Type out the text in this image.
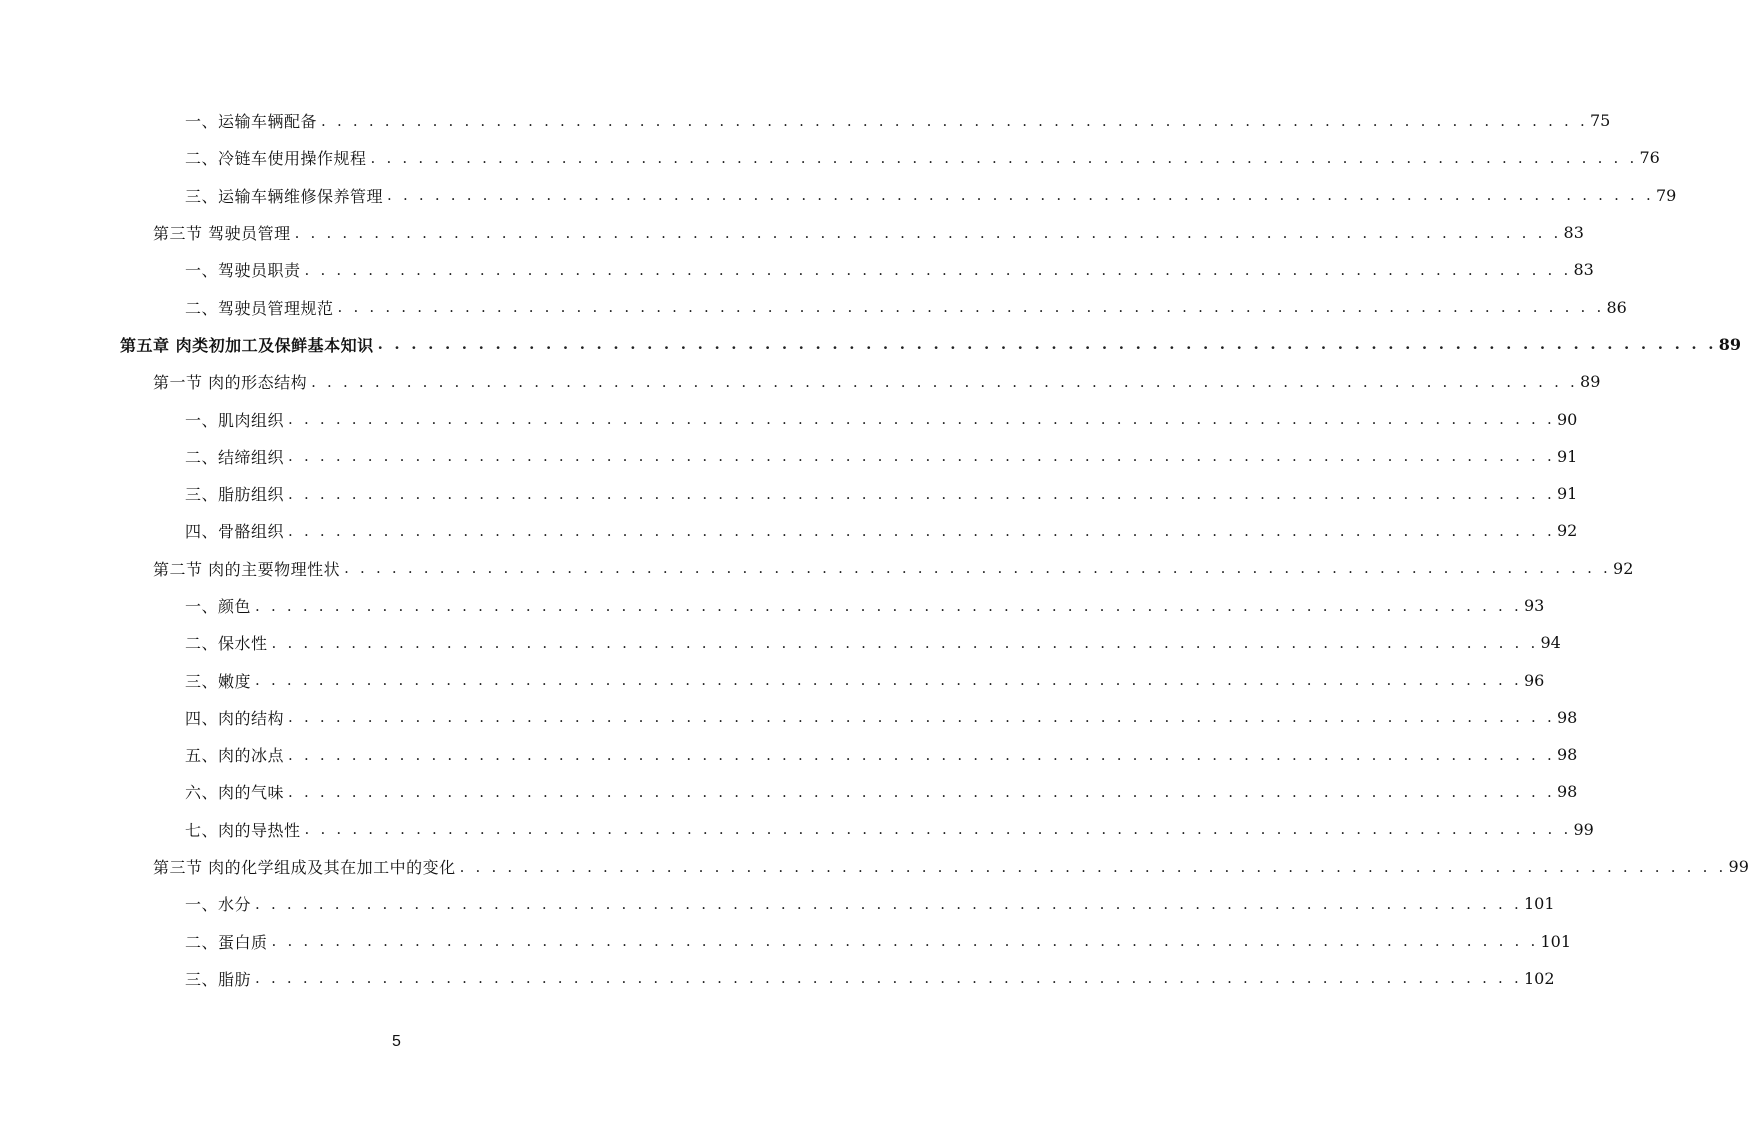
一、运输车辆配备 . . . . . . . . . . . . . . . . . . . . . . . . . . . . . . . . . . . . . . . . . . . . . . . . . . . . . . . . . . . . . . . . . . . . . . . . . . . . . . . . 75
二、冷链车使用操作规程 . . . . . . . . . . . . . . . . . . . . . . . . . . . . . . . . . . . . . . . . . . . . . . . . . . . . . . . . . . . . . . . . . . . . . . . . . . . . . . . . 76
三、运输车辆维修保养管理 . . . . . . . . . . . . . . . . . . . . . . . . . . . . . . . . . . . . . . . . . . . . . . . . . . . . . . . . . . . . . . . . . . . . . . . . . . . . . . . . 79
第三节 驾驶员管理 . . . . . . . . . . . . . . . . . . . . . . . . . . . . . . . . . . . . . . . . . . . . . . . . . . . . . . . . . . . . . . . . . . . . . . . . . . . . . . . . 83
一、驾驶员职责 . . . . . . . . . . . . . . . . . . . . . . . . . . . . . . . . . . . . . . . . . . . . . . . . . . . . . . . . . . . . . . . . . . . . . . . . . . . . . . . . 83
二、驾驶员管理规范 . . . . . . . . . . . . . . . . . . . . . . . . . . . . . . . . . . . . . . . . . . . . . . . . . . . . . . . . . . . . . . . . . . . . . . . . . . . . . . . . 86
第五章 肉类初加工及保鲜基本知识 . . . . . . . . . . . . . . . . . . . . . . . . . . . . . . . . . . . . . . . . . . . . . . . . . . . . . . . . . . . . . . . . . . . . . . . . . . . . . . . . 89
第一节 肉的形态结构 . . . . . . . . . . . . . . . . . . . . . . . . . . . . . . . . . . . . . . . . . . . . . . . . . . . . . . . . . . . . . . . . . . . . . . . . . . . . . . . . 89
一、肌肉组织 . . . . . . . . . . . . . . . . . . . . . . . . . . . . . . . . . . . . . . . . . . . . . . . . . . . . . . . . . . . . . . . . . . . . . . . . . . . . . . . . 90
二、结缔组织 . . . . . . . . . . . . . . . . . . . . . . . . . . . . . . . . . . . . . . . . . . . . . . . . . . . . . . . . . . . . . . . . . . . . . . . . . . . . . . . . 91
三、脂肪组织 . . . . . . . . . . . . . . . . . . . . . . . . . . . . . . . . . . . . . . . . . . . . . . . . . . . . . . . . . . . . . . . . . . . . . . . . . . . . . . . . 91
四、骨骼组织 . . . . . . . . . . . . . . . . . . . . . . . . . . . . . . . . . . . . . . . . . . . . . . . . . . . . . . . . . . . . . . . . . . . . . . . . . . . . . . . . 92
第二节 肉的主要物理性状 . . . . . . . . . . . . . . . . . . . . . . . . . . . . . . . . . . . . . . . . . . . . . . . . . . . . . . . . . . . . . . . . . . . . . . . . . . . . . . . . 92
一、颜色 . . . . . . . . . . . . . . . . . . . . . . . . . . . . . . . . . . . . . . . . . . . . . . . . . . . . . . . . . . . . . . . . . . . . . . . . . . . . . . . . 93
二、保水性 . . . . . . . . . . . . . . . . . . . . . . . . . . . . . . . . . . . . . . . . . . . . . . . . . . . . . . . . . . . . . . . . . . . . . . . . . . . . . . . . 94
三、嫩度 . . . . . . . . . . . . . . . . . . . . . . . . . . . . . . . . . . . . . . . . . . . . . . . . . . . . . . . . . . . . . . . . . . . . . . . . . . . . . . . . 96
四、肉的结构 . . . . . . . . . . . . . . . . . . . . . . . . . . . . . . . . . . . . . . . . . . . . . . . . . . . . . . . . . . . . . . . . . . . . . . . . . . . . . . . . 98
五、肉的冰点 . . . . . . . . . . . . . . . . . . . . . . . . . . . . . . . . . . . . . . . . . . . . . . . . . . . . . . . . . . . . . . . . . . . . . . . . . . . . . . . . 98
六、肉的气味 . . . . . . . . . . . . . . . . . . . . . . . . . . . . . . . . . . . . . . . . . . . . . . . . . . . . . . . . . . . . . . . . . . . . . . . . . . . . . . . . 98
七、肉的导热性 . . . . . . . . . . . . . . . . . . . . . . . . . . . . . . . . . . . . . . . . . . . . . . . . . . . . . . . . . . . . . . . . . . . . . . . . . . . . . . . . 99
第三节 肉的化学组成及其在加工中的变化 . . . . . . . . . . . . . . . . . . . . . . . . . . . . . . . . . . . . . . . . . . . . . . . . . . . . . . . . . . . . . . . . . . . . . . . . . . . . . . . . 99
一、水分 . . . . . . . . . . . . . . . . . . . . . . . . . . . . . . . . . . . . . . . . . . . . . . . . . . . . . . . . . . . . . . . . . . . . . . . . . . . . . . . . 101
二、蛋白质 . . . . . . . . . . . . . . . . . . . . . . . . . . . . . . . . . . . . . . . . . . . . . . . . . . . . . . . . . . . . . . . . . . . . . . . . . . . . . . . . 101
三、脂肪 . . . . . . . . . . . . . . . . . . . . . . . . . . . . . . . . . . . . . . . . . . . . . . . . . . . . . . . . . . . . . . . . . . . . . . . . . . . . . . . . 102
5
